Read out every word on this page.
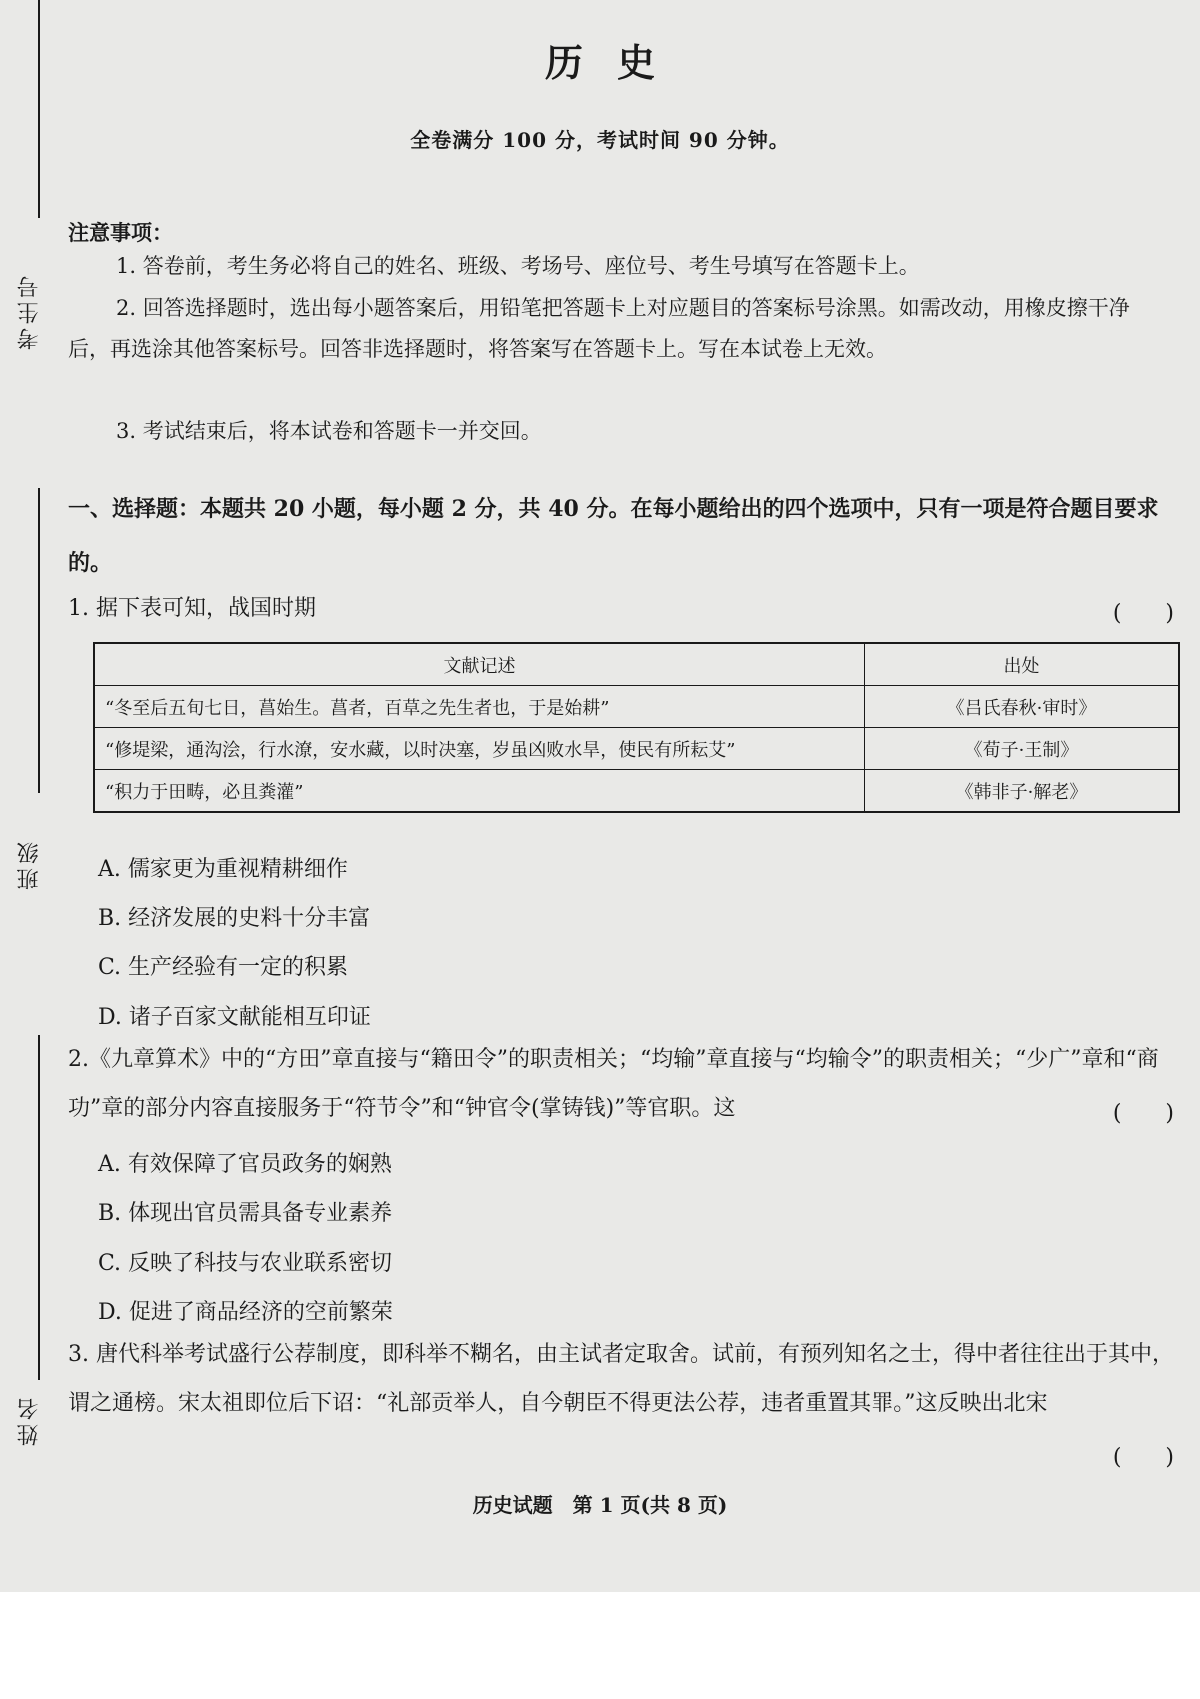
考生号
班级
姓名
历史
全卷满分 100 分，考试时间 90 分钟。
注意事项：
1. 答卷前，考生务必将自己的姓名、班级、考场号、座位号、考生号填写在答题卡上。
2. 回答选择题时，选出每小题答案后，用铅笔把答题卡上对应题目的答案标号涂黑。如需改动，用橡皮擦干净后，再选涂其他答案标号。回答非选择题时，将答案写在答题卡上。写在本试卷上无效。
3. 考试结束后，将本试卷和答题卡一并交回。
一、选择题：本题共 20 小题，每小题 2 分，共 40 分。在每小题给出的四个选项中，只有一项是符合题目要求的。
1. 据下表可知，战国时期	(　　)
文献记述	出处
“冬至后五旬七日，菖始生。菖者，百草之先生者也，于是始耕”	《吕氏春秋·审时》
“修堤梁，通沟浍，行水潦，安水藏，以时决塞，岁虽凶败水旱，使民有所耘艾”	《荀子·王制》
“积力于田畴，必且粪灌”	《韩非子·解老》
A. 儒家更为重视精耕细作
B. 经济发展的史料十分丰富
C. 生产经验有一定的积累
D. 诸子百家文献能相互印证
2.《九章算术》中的“方田”章直接与“籍田令”的职责相关；“均输”章直接与“均输令”的职责相关；“少广”章和“商功”章的部分内容直接服务于“符节令”和“钟官令(掌铸钱)”等官职。这	(　　)
A. 有效保障了官员政务的娴熟
B. 体现出官员需具备专业素养
C. 反映了科技与农业联系密切
D. 促进了商品经济的空前繁荣
3. 唐代科举考试盛行公荐制度，即科举不糊名，由主试者定取舍。试前，有预列知名之士，得中者往往出于其中，谓之通榜。宋太祖即位后下诏：“礼部贡举人，自今朝臣不得更法公荐，违者重置其罪。”这反映出北宋
(　　)
历史试题　第 1 页(共 8 页)
